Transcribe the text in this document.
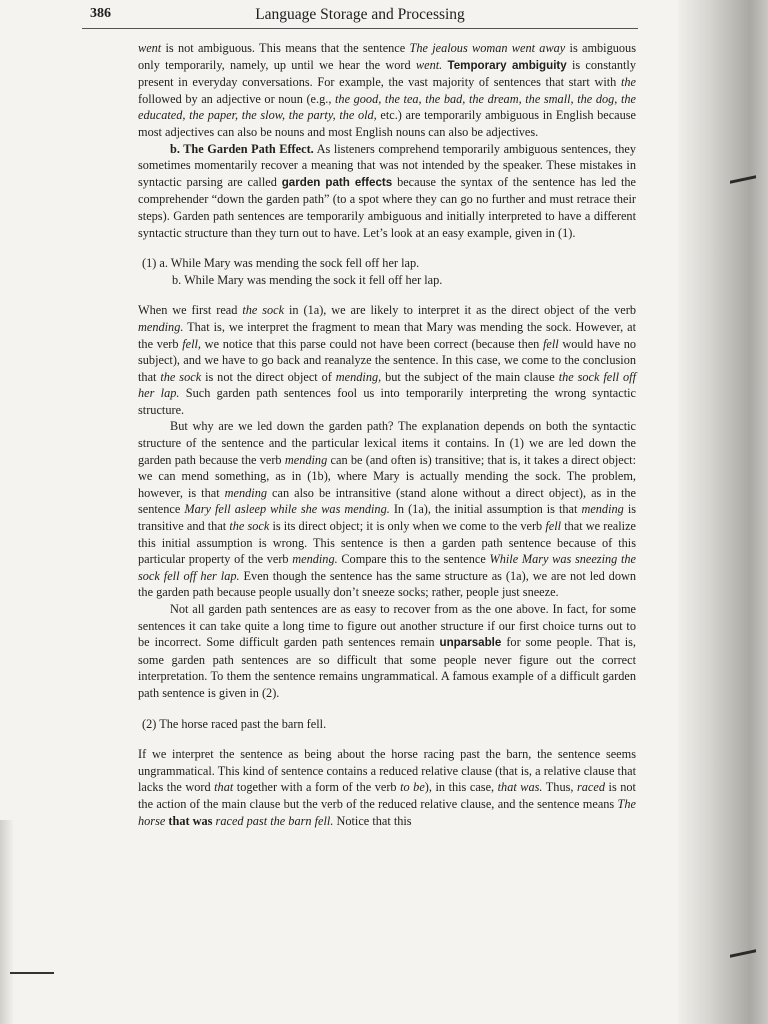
386	Language Storage and Processing

went is not ambiguous. This means that the sentence The jealous woman went away is ambiguous only temporarily, namely, up until we hear the word went. Temporary ambiguity is constantly present in everyday conversations. For example, the vast majority of sentences that start with the followed by an adjective or noun (e.g., the good, the tea, the bad, the dream, the small, the dog, the educated, the paper, the slow, the party, the old, etc.) are temporarily ambiguous in English because most adjectives can also be nouns and most English nouns can also be adjectives.

b. The Garden Path Effect. As listeners comprehend temporarily ambiguous sentences, they sometimes momentarily recover a meaning that was not intended by the speaker. These mistakes in syntactic parsing are called garden path effects because the syntax of the sentence has led the comprehender “down the garden path” (to a spot where they can go no further and must retrace their steps). Garden path sentences are temporarily ambiguous and initially interpreted to have a different syntactic structure than they turn out to have. Let’s look at an easy example, given in (1).

(1) a. While Mary was mending the sock fell off her lap.
b. While Mary was mending the sock it fell off her lap.

When we first read the sock in (1a), we are likely to interpret it as the direct object of the verb mending. That is, we interpret the fragment to mean that Mary was mending the sock. However, at the verb fell, we notice that this parse could not have been correct (because then fell would have no subject), and we have to go back and reanalyze the sentence. In this case, we come to the conclusion that the sock is not the direct object of mending, but the subject of the main clause the sock fell off her lap. Such garden path sentences fool us into temporarily interpreting the wrong syntactic structure.

But why are we led down the garden path? The explanation depends on both the syntactic structure of the sentence and the particular lexical items it contains. In (1) we are led down the garden path because the verb mending can be (and often is) transitive; that is, it takes a direct object: we can mend something, as in (1b), where Mary is actually mending the sock. The problem, however, is that mending can also be intransitive (stand alone without a direct object), as in the sentence Mary fell asleep while she was mending. In (1a), the initial assumption is that mending is transitive and that the sock is its direct object; it is only when we come to the verb fell that we realize this initial assumption is wrong. This sentence is then a garden path sentence because of this particular property of the verb mending. Compare this to the sentence While Mary was sneezing the sock fell off her lap. Even though the sentence has the same structure as (1a), we are not led down the garden path because people usually don’t sneeze socks; rather, people just sneeze.

Not all garden path sentences are as easy to recover from as the one above. In fact, for some sentences it can take quite a long time to figure out another structure if our first choice turns out to be incorrect. Some difficult garden path sentences remain unparsable for some people. That is, some garden path sentences are so difficult that some people never figure out the correct interpretation. To them the sentence remains ungrammatical. A famous example of a difficult garden path sentence is given in (2).

(2) The horse raced past the barn fell.

If we interpret the sentence as being about the horse racing past the barn, the sentence seems ungrammatical. This kind of sentence contains a reduced relative clause (that is, a relative clause that lacks the word that together with a form of the verb to be), in this case, that was. Thus, raced is not the action of the main clause but the verb of the reduced relative clause, and the sentence means The horse that was raced past the barn fell. Notice that this
